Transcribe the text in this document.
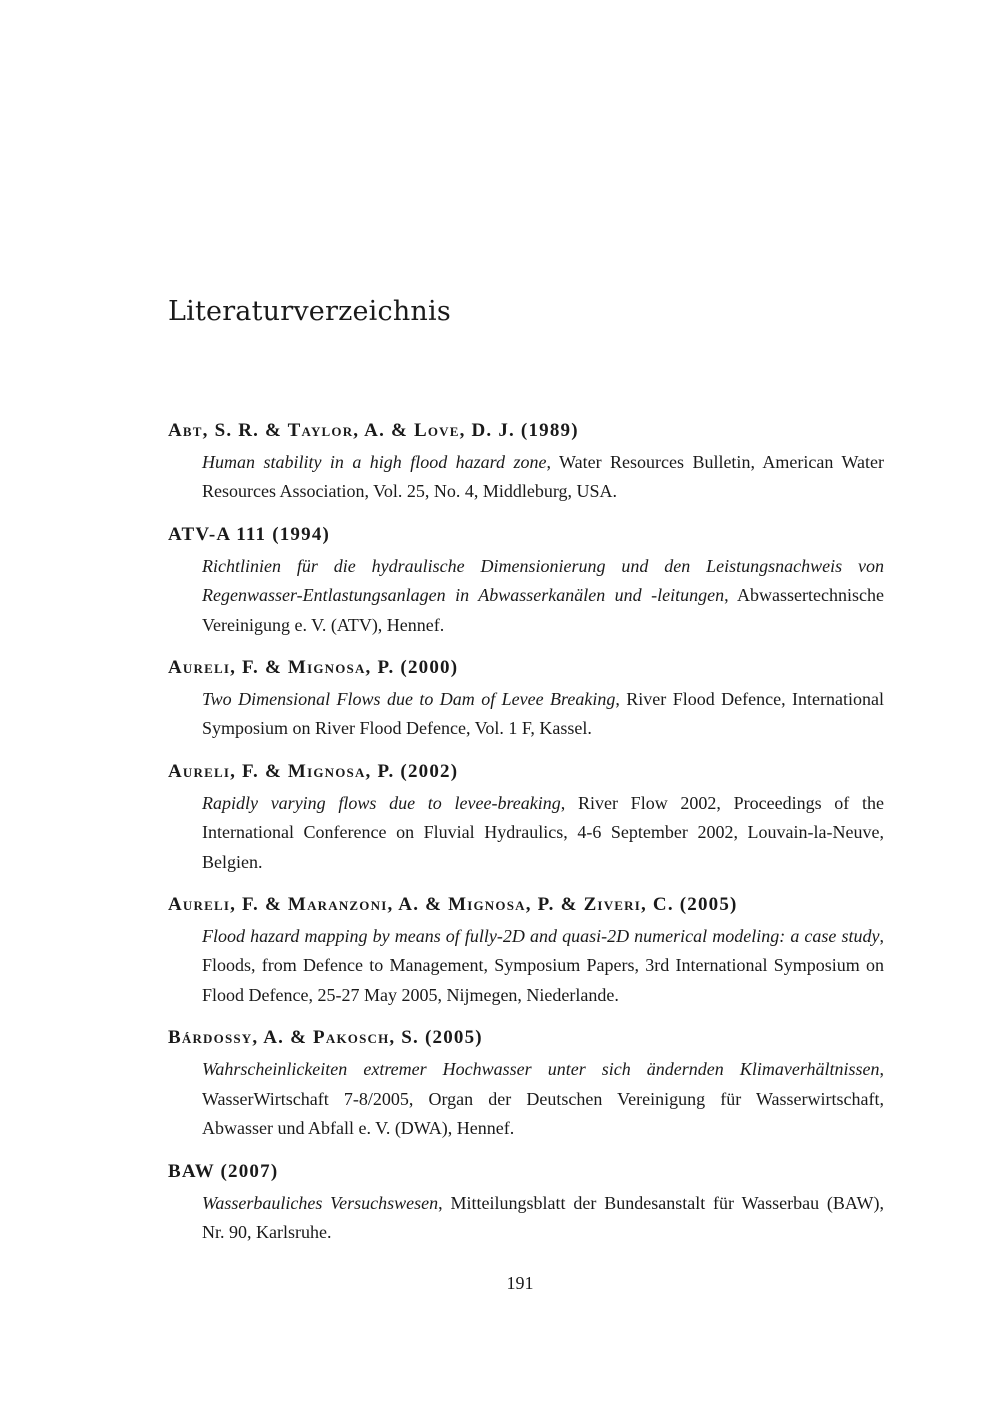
Literaturverzeichnis
Abt, S. R. & Taylor, A. & Love, D. J. (1989)
Human stability in a high flood hazard zone, Water Resources Bulletin, American Water Resources Association, Vol. 25, No. 4, Middleburg, USA.
ATV-A 111 (1994)
Richtlinien für die hydraulische Dimensionierung und den Leistungsnachweis von Regenwasser-Entlastungsanlagen in Abwasserkanälen und -leitungen, Abwassertechnische Vereinigung e. V. (ATV), Hennef.
Aureli, F. & Mignosa, P. (2000)
Two Dimensional Flows due to Dam of Levee Breaking, River Flood Defence, International Symposium on River Flood Defence, Vol. 1 F, Kassel.
Aureli, F. & Mignosa, P. (2002)
Rapidly varying flows due to levee-breaking, River Flow 2002, Proceedings of the International Conference on Fluvial Hydraulics, 4-6 September 2002, Louvain-la-Neuve, Belgien.
Aureli, F. & Maranzoni, A. & Mignosa, P. & Ziveri, C. (2005)
Flood hazard mapping by means of fully-2D and quasi-2D numerical modeling: a case study, Floods, from Defence to Management, Symposium Papers, 3rd International Symposium on Flood Defence, 25-27 May 2005, Nijmegen, Niederlande.
Bárdossy, A. & Pakosch, S. (2005)
Wahrscheinlickeiten extremer Hochwasser unter sich ändernden Klimaverhältnissen, WasserWirtschaft 7-8/2005, Organ der Deutschen Vereinigung für Wasserwirtschaft, Abwasser und Abfall e. V. (DWA), Hennef.
BAW (2007)
Wasserbauliches Versuchswesen, Mitteilungsblatt der Bundesanstalt für Wasserbau (BAW), Nr. 90, Karlsruhe.
191
